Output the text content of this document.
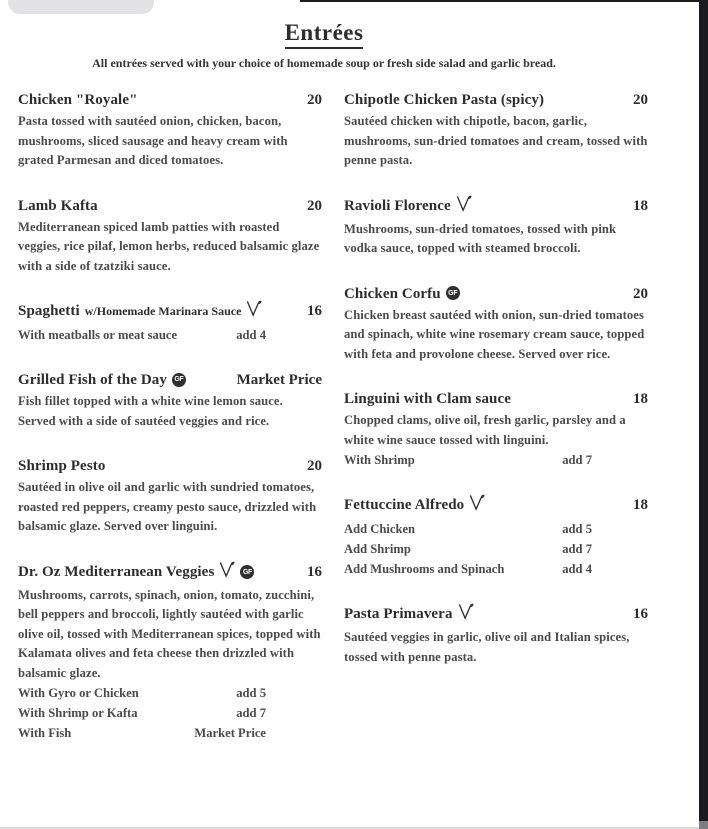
Entrées

All entrées served with your choice of homemade soup or fresh side salad and garlic bread.

Chicken "Royale"	20

Pasta tossed with sautéed onion, chicken, bacon, mushrooms, sliced sausage and heavy cream with grated Parmesan and diced tomatoes.

Lamb Kafta	20

Mediterranean spiced lamb patties with roasted veggies, rice pilaf, lemon herbs, reduced balsamic glaze with a side of tzatziki sauce.

Spaghetti w/Homemade Marinara Sauce	16
With meatballs or meat sauce	add 4
Grilled Fish of the Day	GF	Market Price

Fish fillet topped with a white wine lemon sauce. Served with a side of sautéed veggies and rice.

Shrimp Pesto	20

Sautéed in olive oil and garlic with sundried tomatoes, roasted red peppers, creamy pesto sauce, drizzled with balsamic glaze. Served over linguini.

Dr. Oz Mediterranean Veggies	GF	16

Mushrooms, carrots, spinach, onion, tomato, zucchini, bell peppers and broccoli, lightly sautéed with garlic olive oil, tossed with Mediterranean spices, topped with Kalamata olives and feta cheese then drizzled with balsamic glaze.

With Gyro or Chicken	add 5
With Shrimp or Kafta	add 7
With Fish	Market Price
Chipotle Chicken Pasta (spicy)	20

Sautéed chicken with chipotle, bacon, garlic, mushrooms, sun-dried tomatoes and cream, tossed with penne pasta.

Ravioli Florence	18

Mushrooms, sun-dried tomatoes, tossed with pink vodka sauce, topped with steamed broccoli.

Chicken Corfu	GF	20

Chicken breast sautéed with onion, sun-dried tomatoes and spinach, white wine rosemary cream sauce, topped with feta and provolone cheese. Served over rice.

Linguini with Clam sauce	18

Chopped clams, olive oil, fresh garlic, parsley and a white wine sauce tossed with linguini.

With Shrimp	add 7
Fettuccine Alfredo	18
Add Chicken	add 5
Add Shrimp	add 7
Add Mushrooms and Spinach	add 4
Pasta Primavera	16

Sautéed veggies in garlic, olive oil and Italian spices, tossed with penne pasta.
